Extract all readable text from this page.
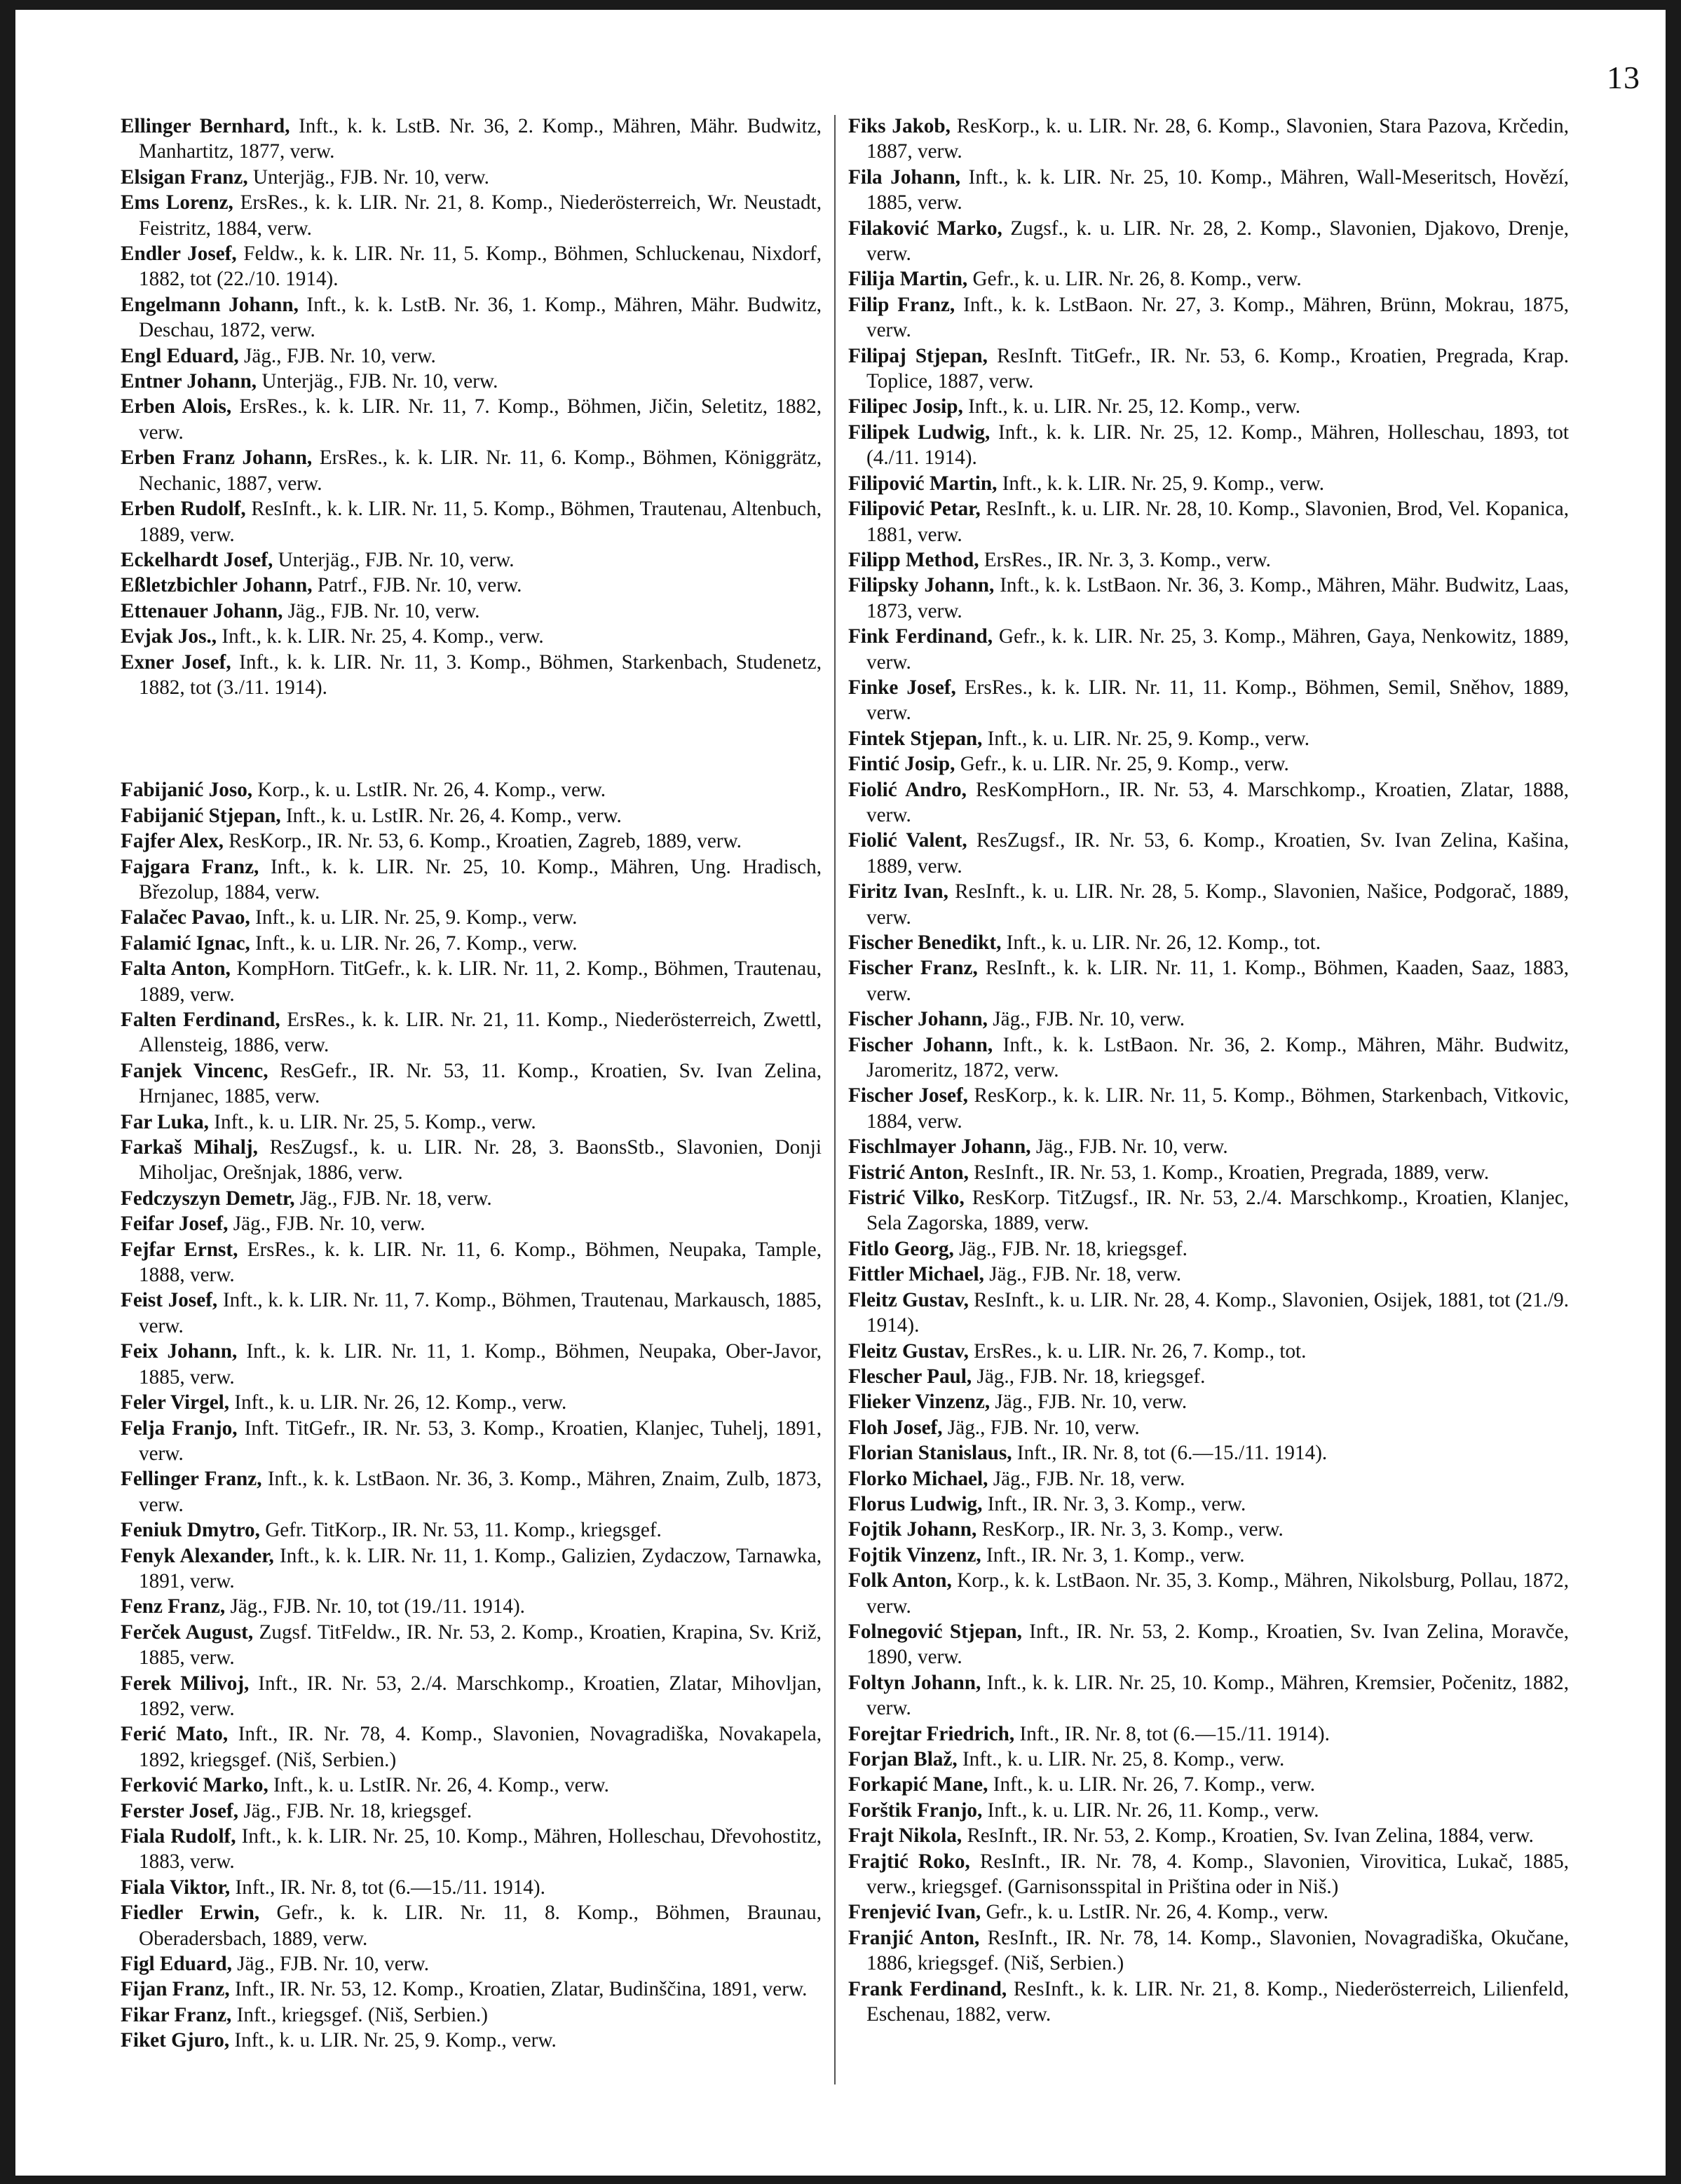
13

Ellinger Bernhard, Inft., k. k. LstB. Nr. 36, 2. Komp., Mähren, Mähr. Budwitz, Manhartitz, 1877, verw.

Elsigan Franz, Unterjäg., FJB. Nr. 10, verw.

Ems Lorenz, ErsRes., k. k. LIR. Nr. 21, 8. Komp., Niederösterreich, Wr. Neustadt, Feistritz, 1884, verw.

Endler Josef, Feldw., k. k. LIR. Nr. 11, 5. Komp., Böhmen, Schluckenau, Nixdorf, 1882, tot (22./10. 1914).

Engelmann Johann, Inft., k. k. LstB. Nr. 36, 1. Komp., Mähren, Mähr. Budwitz, Deschau, 1872, verw.

Engl Eduard, Jäg., FJB. Nr. 10, verw.

Entner Johann, Unterjäg., FJB. Nr. 10, verw.

Erben Alois, ErsRes., k. k. LIR. Nr. 11, 7. Komp., Böhmen, Jičin, Seletitz, 1882, verw.

Erben Franz Johann, ErsRes., k. k. LIR. Nr. 11, 6. Komp., Böhmen, Königgrätz, Nechanic, 1887, verw.

Erben Rudolf, ResInft., k. k. LIR. Nr. 11, 5. Komp., Böhmen, Trautenau, Altenbuch, 1889, verw.

Eckelhardt Josef, Unterjäg., FJB. Nr. 10, verw.

Eßletzbichler Johann, Patrf., FJB. Nr. 10, verw.

Ettenauer Johann, Jäg., FJB. Nr. 10, verw.

Evjak Jos., Inft., k. k. LIR. Nr. 25, 4. Komp., verw.

Exner Josef, Inft., k. k. LIR. Nr. 11, 3. Komp., Böhmen, Starkenbach, Studenetz, 1882, tot (3./11. 1914).

Fabijanić Joso, Korp., k. u. LstIR. Nr. 26, 4. Komp., verw.

Fabijanić Stjepan, Inft., k. u. LstIR. Nr. 26, 4. Komp., verw.

Fajfer Alex, ResKorp., IR. Nr. 53, 6. Komp., Kroatien, Zagreb, 1889, verw.

Fajgara Franz, Inft., k. k. LIR. Nr. 25, 10. Komp., Mähren, Ung. Hradisch, Březolup, 1884, verw.

Falačec Pavao, Inft., k. u. LIR. Nr. 25, 9. Komp., verw.

Falamić Ignac, Inft., k. u. LIR. Nr. 26, 7. Komp., verw.

Falta Anton, KompHorn. TitGefr., k. k. LIR. Nr. 11, 2. Komp., Böhmen, Trautenau, 1889, verw.

Falten Ferdinand, ErsRes., k. k. LIR. Nr. 21, 11. Komp., Niederösterreich, Zwettl, Allensteig, 1886, verw.

Fanjek Vincenc, ResGefr., IR. Nr. 53, 11. Komp., Kroatien, Sv. Ivan Zelina, Hrnjanec, 1885, verw.

Far Luka, Inft., k. u. LIR. Nr. 25, 5. Komp., verw.

Farkaš Mihalj, ResZugsf., k. u. LIR. Nr. 28, 3. BaonsStb., Slavonien, Donji Miholjac, Orešnjak, 1886, verw.

Fedczyszyn Demetr, Jäg., FJB. Nr. 18, verw.

Feifar Josef, Jäg., FJB. Nr. 10, verw.

Fejfar Ernst, ErsRes., k. k. LIR. Nr. 11, 6. Komp., Böhmen, Neupaka, Tample, 1888, verw.

Feist Josef, Inft., k. k. LIR. Nr. 11, 7. Komp., Böhmen, Trautenau, Markausch, 1885, verw.

Feix Johann, Inft., k. k. LIR. Nr. 11, 1. Komp., Böhmen, Neupaka, Ober-Javor, 1885, verw.

Feler Virgel, Inft., k. u. LIR. Nr. 26, 12. Komp., verw.

Felja Franjo, Inft. TitGefr., IR. Nr. 53, 3. Komp., Kroatien, Klanjec, Tuhelj, 1891, verw.

Fellinger Franz, Inft., k. k. LstBaon. Nr. 36, 3. Komp., Mähren, Znaim, Zulb, 1873, verw.

Feniuk Dmytro, Gefr. TitKorp., IR. Nr. 53, 11. Komp., kriegsgef.

Fenyk Alexander, Inft., k. k. LIR. Nr. 11, 1. Komp., Galizien, Zydaczow, Tarnawka, 1891, verw.

Fenz Franz, Jäg., FJB. Nr. 10, tot (19./11. 1914).

Ferček August, Zugsf. TitFeldw., IR. Nr. 53, 2. Komp., Kroatien, Krapina, Sv. Križ, 1885, verw.

Ferek Milivoj, Inft., IR. Nr. 53, 2./4. Marschkomp., Kroatien, Zlatar, Mihovljan, 1892, verw.

Ferić Mato, Inft., IR. Nr. 78, 4. Komp., Slavonien, Novagradiška, Novakapela, 1892, kriegsgef. (Niš, Serbien.)

Ferković Marko, Inft., k. u. LstIR. Nr. 26, 4. Komp., verw.

Ferster Josef, Jäg., FJB. Nr. 18, kriegsgef.

Fiala Rudolf, Inft., k. k. LIR. Nr. 25, 10. Komp., Mähren, Holleschau, Dřevohostitz, 1883, verw.

Fiala Viktor, Inft., IR. Nr. 8, tot (6.—15./11. 1914).

Fiedler Erwin, Gefr., k. k. LIR. Nr. 11, 8. Komp., Böhmen, Braunau, Oberadersbach, 1889, verw.

Figl Eduard, Jäg., FJB. Nr. 10, verw.

Fijan Franz, Inft., IR. Nr. 53, 12. Komp., Kroatien, Zlatar, Budinščina, 1891, verw.

Fikar Franz, Inft., kriegsgef. (Niš, Serbien.)

Fiket Gjuro, Inft., k. u. LIR. Nr. 25, 9. Komp., verw.

Fiks Jakob, ResKorp., k. u. LIR. Nr. 28, 6. Komp., Slavonien, Stara Pazova, Krčedin, 1887, verw.

Fila Johann, Inft., k. k. LIR. Nr. 25, 10. Komp., Mähren, Wall-Meseritsch, Hovězí, 1885, verw.

Filaković Marko, Zugsf., k. u. LIR. Nr. 28, 2. Komp., Slavonien, Djakovo, Drenje, verw.

Filija Martin, Gefr., k. u. LIR. Nr. 26, 8. Komp., verw.

Filip Franz, Inft., k. k. LstBaon. Nr. 27, 3. Komp., Mähren, Brünn, Mokrau, 1875, verw.

Filipaj Stjepan, ResInft. TitGefr., IR. Nr. 53, 6. Komp., Kroatien, Pregrada, Krap. Toplice, 1887, verw.

Filipec Josip, Inft., k. u. LIR. Nr. 25, 12. Komp., verw.

Filipek Ludwig, Inft., k. k. LIR. Nr. 25, 12. Komp., Mähren, Holleschau, 1893, tot (4./11. 1914).

Filipović Martin, Inft., k. k. LIR. Nr. 25, 9. Komp., verw.

Filipović Petar, ResInft., k. u. LIR. Nr. 28, 10. Komp., Slavonien, Brod, Vel. Kopanica, 1881, verw.

Filipp Method, ErsRes., IR. Nr. 3, 3. Komp., verw.

Filipsky Johann, Inft., k. k. LstBaon. Nr. 36, 3. Komp., Mähren, Mähr. Budwitz, Laas, 1873, verw.

Fink Ferdinand, Gefr., k. k. LIR. Nr. 25, 3. Komp., Mähren, Gaya, Nenkowitz, 1889, verw.

Finke Josef, ErsRes., k. k. LIR. Nr. 11, 11. Komp., Böhmen, Semil, Sněhov, 1889, verw.

Fintek Stjepan, Inft., k. u. LIR. Nr. 25, 9. Komp., verw.

Fintić Josip, Gefr., k. u. LIR. Nr. 25, 9. Komp., verw.

Fiolić Andro, ResKompHorn., IR. Nr. 53, 4. Marschkomp., Kroatien, Zlatar, 1888, verw.

Fiolić Valent, ResZugsf., IR. Nr. 53, 6. Komp., Kroatien, Sv. Ivan Zelina, Kašina, 1889, verw.

Firitz Ivan, ResInft., k. u. LIR. Nr. 28, 5. Komp., Slavonien, Našice, Podgorač, 1889, verw.

Fischer Benedikt, Inft., k. u. LIR. Nr. 26, 12. Komp., tot.

Fischer Franz, ResInft., k. k. LIR. Nr. 11, 1. Komp., Böhmen, Kaaden, Saaz, 1883, verw.

Fischer Johann, Jäg., FJB. Nr. 10, verw.

Fischer Johann, Inft., k. k. LstBaon. Nr. 36, 2. Komp., Mähren, Mähr. Budwitz, Jaromeritz, 1872, verw.

Fischer Josef, ResKorp., k. k. LIR. Nr. 11, 5. Komp., Böhmen, Starkenbach, Vitkovic, 1884, verw.

Fischlmayer Johann, Jäg., FJB. Nr. 10, verw.

Fistrić Anton, ResInft., IR. Nr. 53, 1. Komp., Kroatien, Pregrada, 1889, verw.

Fistrić Vilko, ResKorp. TitZugsf., IR. Nr. 53, 2./4. Marschkomp., Kroatien, Klanjec, Sela Zagorska, 1889, verw.

Fitlo Georg, Jäg., FJB. Nr. 18, kriegsgef.

Fittler Michael, Jäg., FJB. Nr. 18, verw.

Fleitz Gustav, ResInft., k. u. LIR. Nr. 28, 4. Komp., Slavonien, Osijek, 1881, tot (21./9. 1914).

Fleitz Gustav, ErsRes., k. u. LIR. Nr. 26, 7. Komp., tot.

Flescher Paul, Jäg., FJB. Nr. 18, kriegsgef.

Flieker Vinzenz, Jäg., FJB. Nr. 10, verw.

Floh Josef, Jäg., FJB. Nr. 10, verw.

Florian Stanislaus, Inft., IR. Nr. 8, tot (6.—15./11. 1914).

Florko Michael, Jäg., FJB. Nr. 18, verw.

Florus Ludwig, Inft., IR. Nr. 3, 3. Komp., verw.

Fojtik Johann, ResKorp., IR. Nr. 3, 3. Komp., verw.

Fojtik Vinzenz, Inft., IR. Nr. 3, 1. Komp., verw.

Folk Anton, Korp., k. k. LstBaon. Nr. 35, 3. Komp., Mähren, Nikolsburg, Pollau, 1872, verw.

Folnegović Stjepan, Inft., IR. Nr. 53, 2. Komp., Kroatien, Sv. Ivan Zelina, Moravče, 1890, verw.

Foltyn Johann, Inft., k. k. LIR. Nr. 25, 10. Komp., Mähren, Kremsier, Počenitz, 1882, verw.

Forejtar Friedrich, Inft., IR. Nr. 8, tot (6.—15./11. 1914).

Forjan Blaž, Inft., k. u. LIR. Nr. 25, 8. Komp., verw.

Forkapić Mane, Inft., k. u. LIR. Nr. 26, 7. Komp., verw.

Forštik Franjo, Inft., k. u. LIR. Nr. 26, 11. Komp., verw.

Frajt Nikola, ResInft., IR. Nr. 53, 2. Komp., Kroatien, Sv. Ivan Zelina, 1884, verw.

Frajtić Roko, ResInft., IR. Nr. 78, 4. Komp., Slavonien, Virovitica, Lukač, 1885, verw., kriegsgef. (Garnisonsspital in Priština oder in Niš.)

Frenjević Ivan, Gefr., k. u. LstIR. Nr. 26, 4. Komp., verw.

Franjić Anton, ResInft., IR. Nr. 78, 14. Komp., Slavonien, Novagradiška, Okučane, 1886, kriegsgef. (Niš, Serbien.)

Frank Ferdinand, ResInft., k. k. LIR. Nr. 21, 8. Komp., Niederösterreich, Lilienfeld, Eschenau, 1882, verw.
